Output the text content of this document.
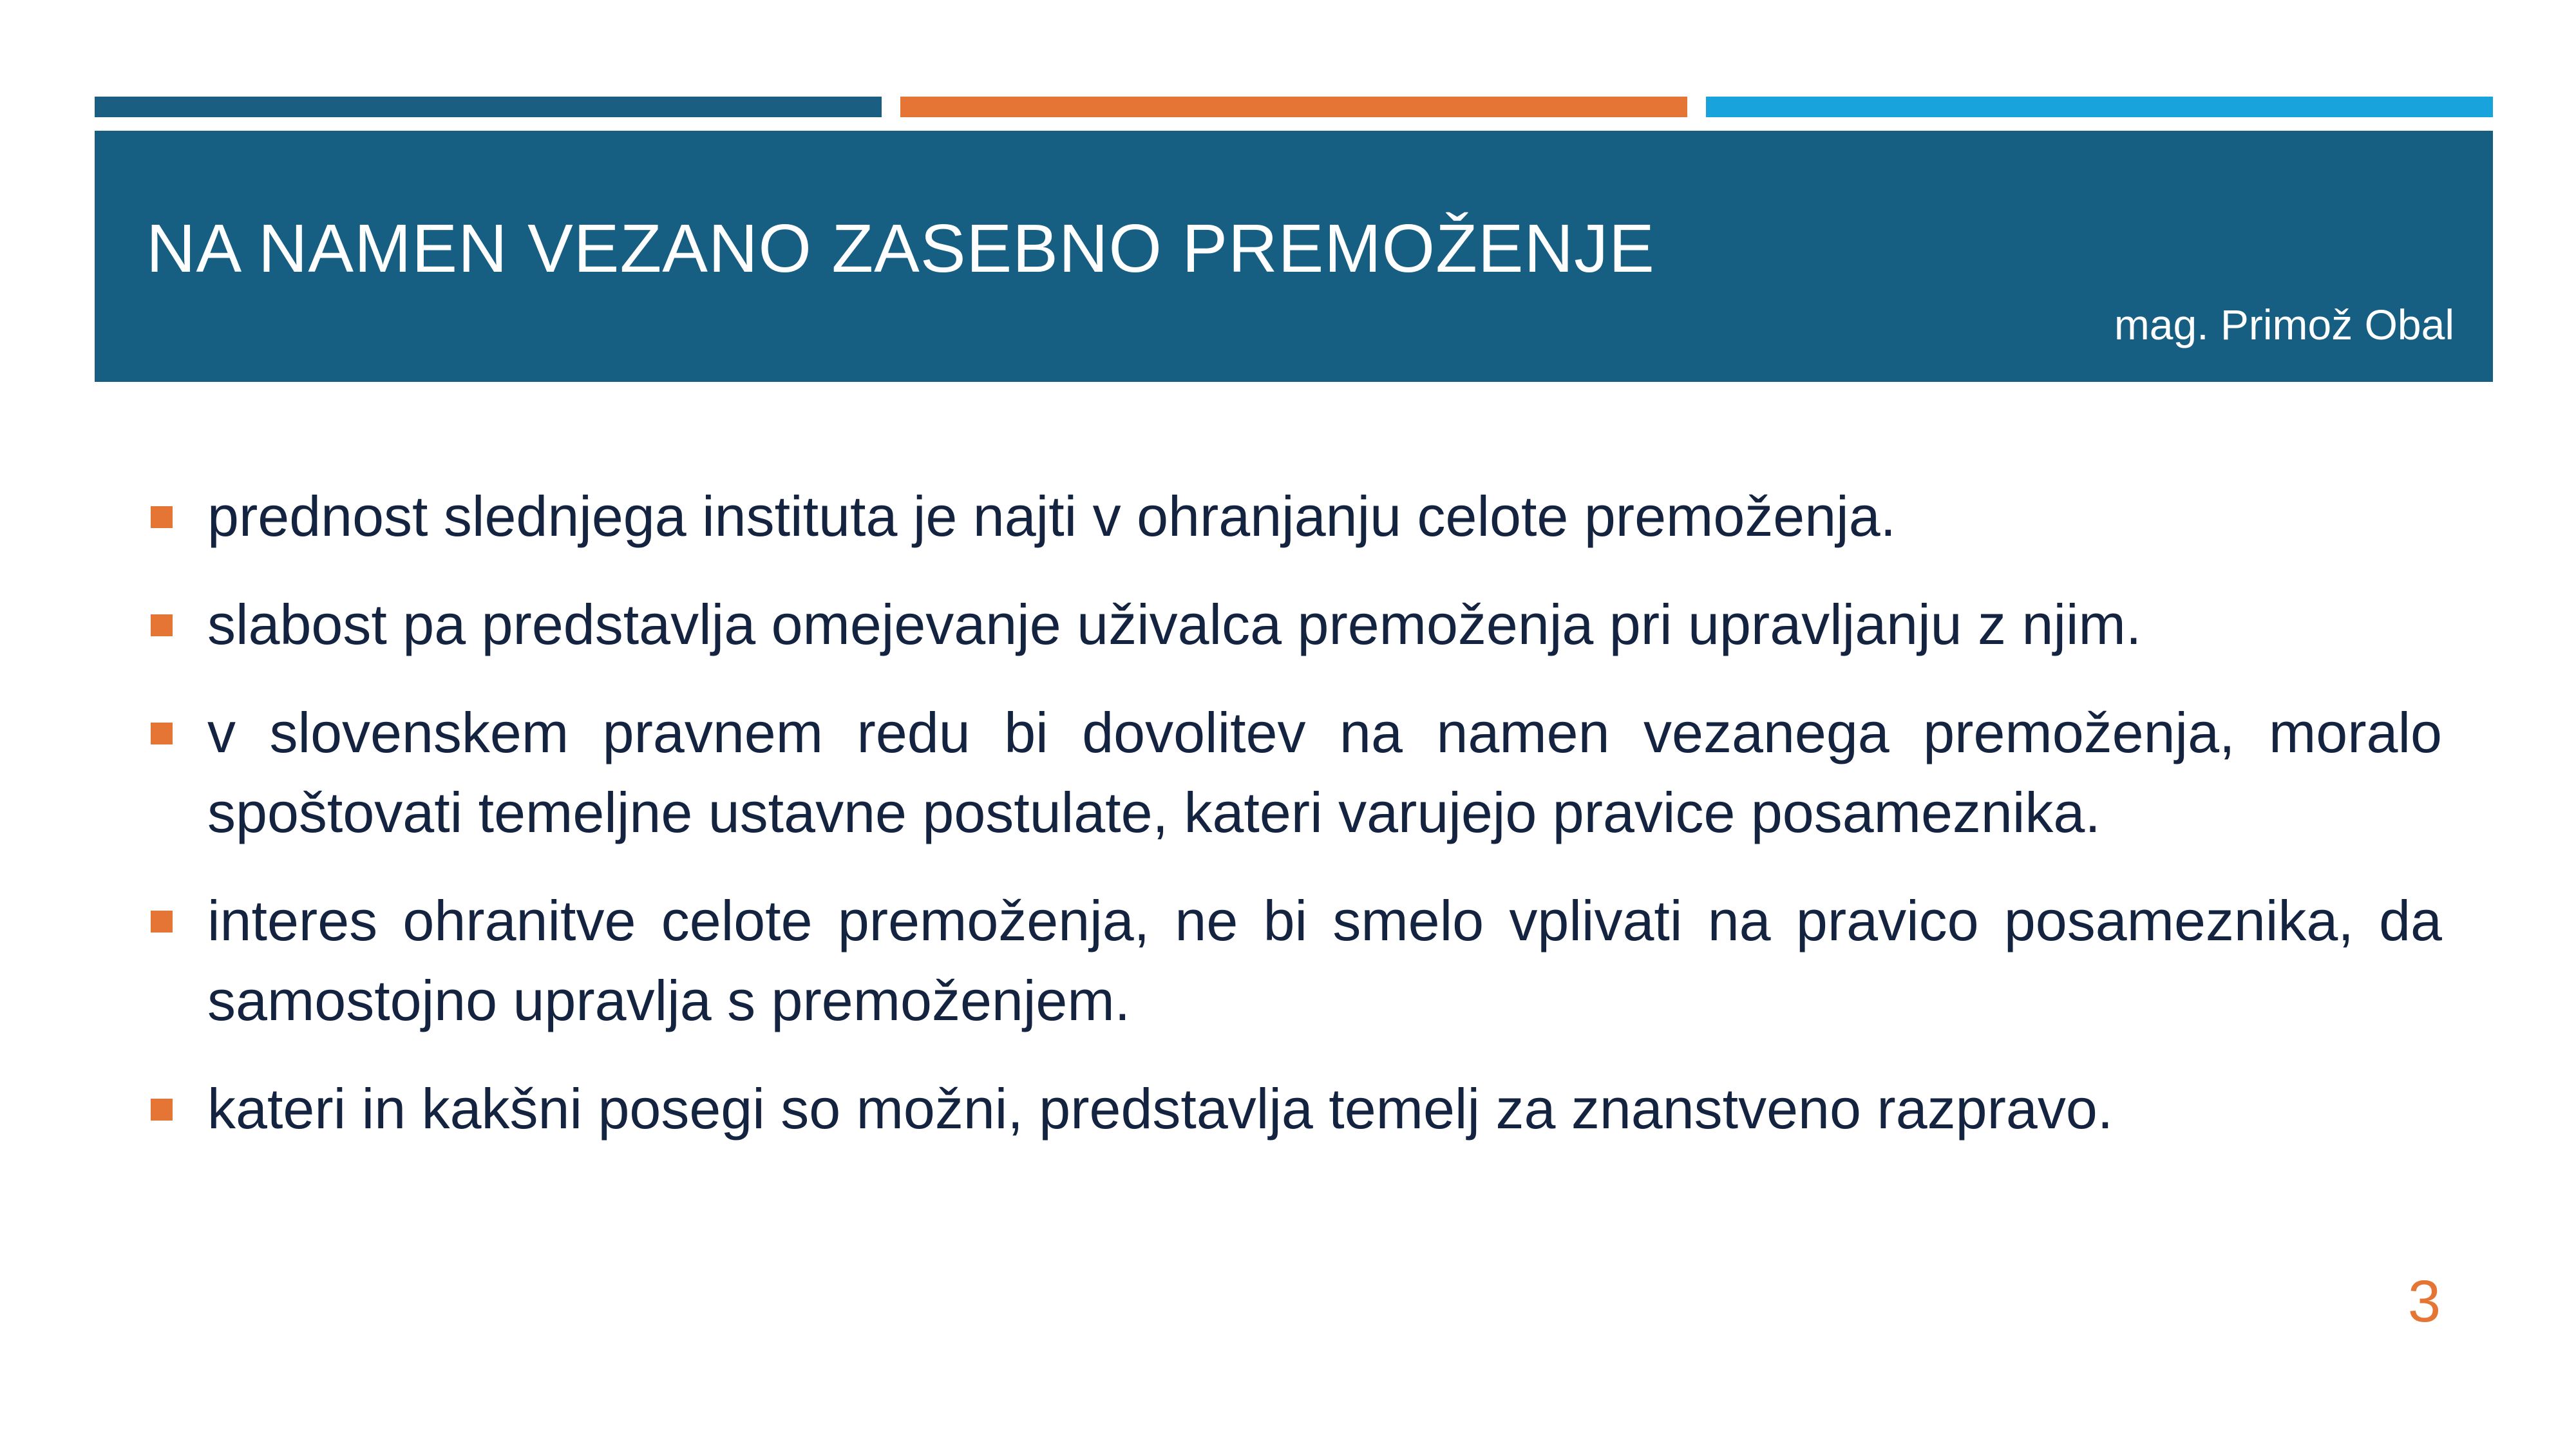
NA NAMEN VEZANO ZASEBNO PREMOŽENJE
mag. Primož Obal
prednost slednjega instituta je najti v ohranjanju celote premoženja.
slabost pa predstavlja omejevanje uživalca premoženja pri upravljanju z njim.
v slovenskem pravnem redu bi dovolitev na namen vezanega premoženja, moralo spoštovati temeljne ustavne postulate, kateri varujejo pravice posameznika.
interes ohranitve celote premoženja, ne bi smelo vplivati na pravico posameznika, da samostojno upravlja s premoženjem.
kateri in kakšni posegi so možni, predstavlja temelj za znanstveno razpravo.
3
